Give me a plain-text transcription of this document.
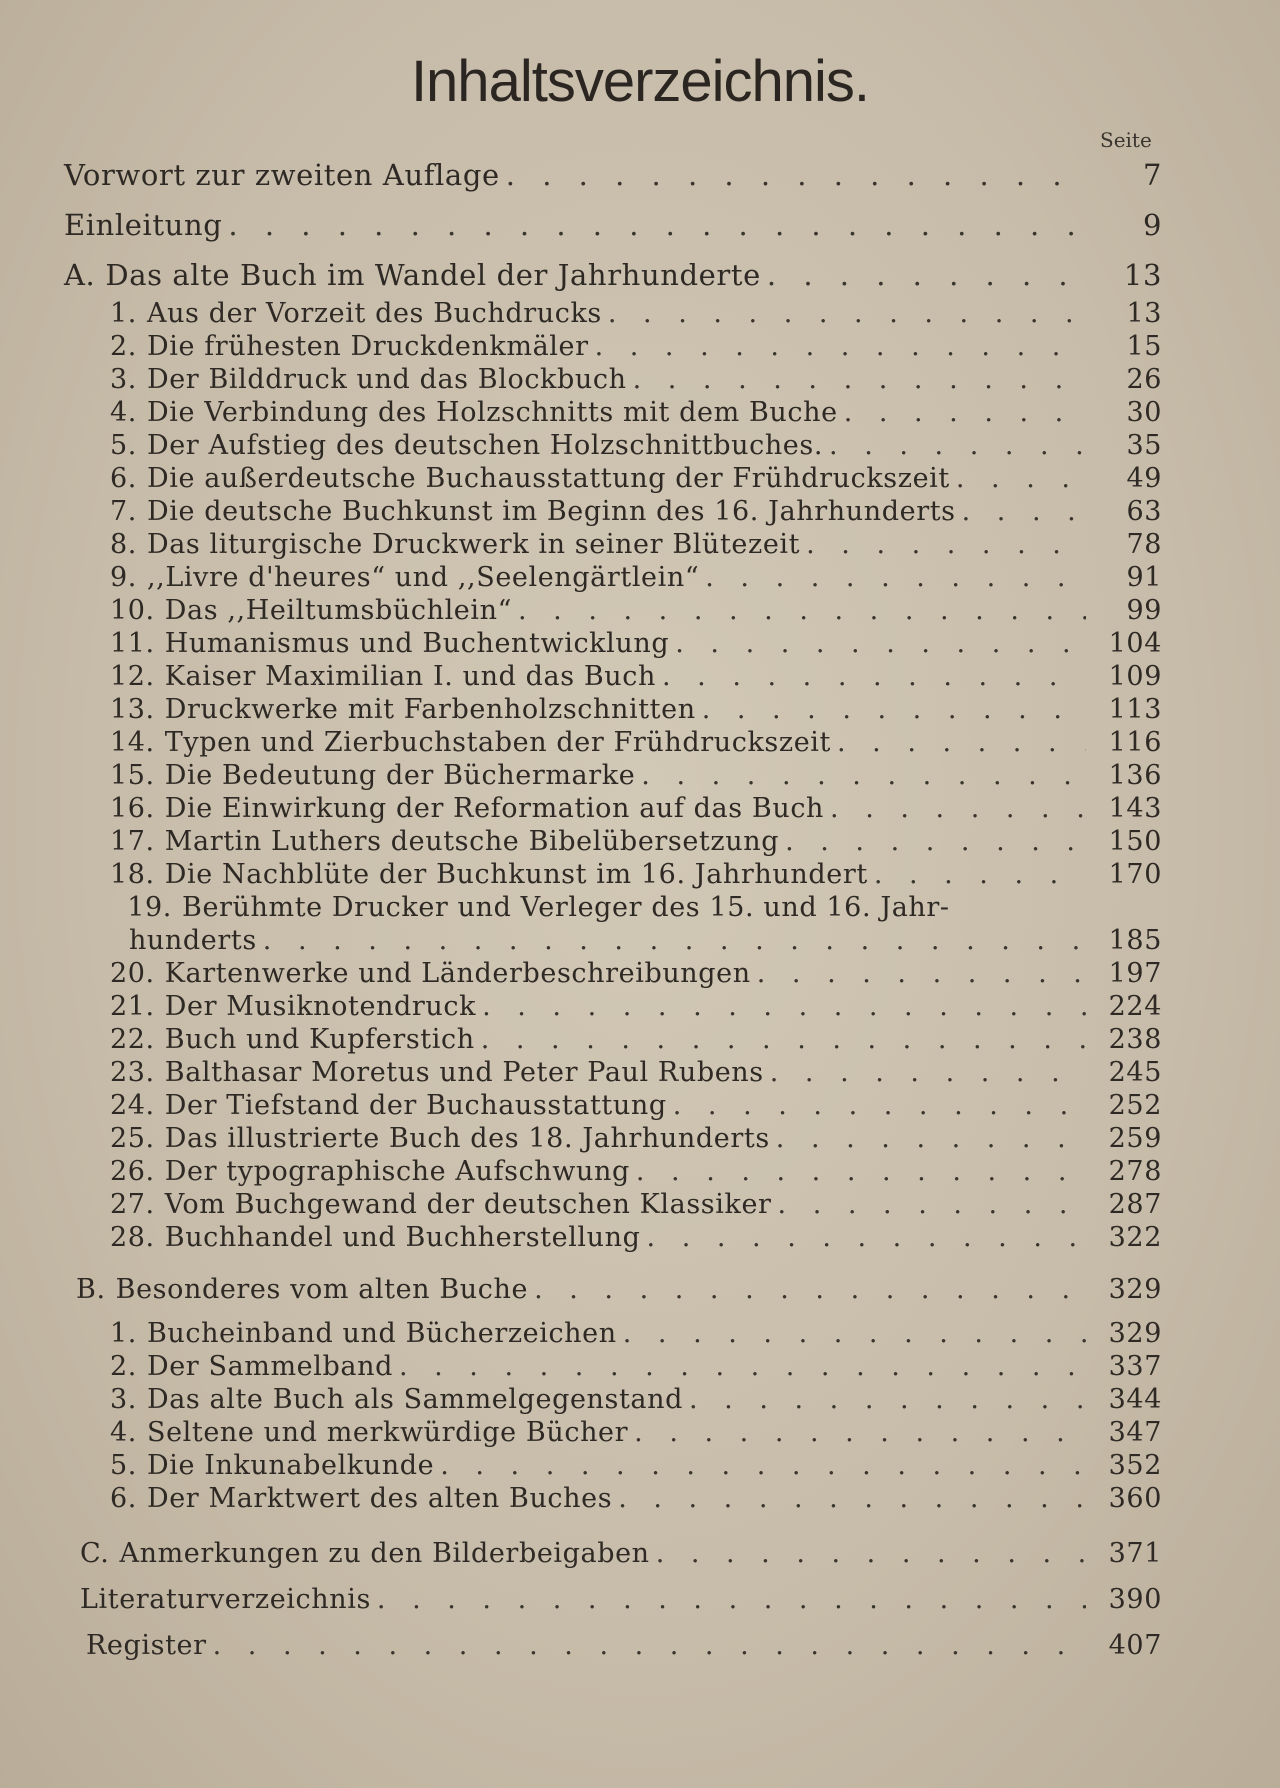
Inhaltsverzeichnis.
Seite
Vorwort zur zweiten Auflage . . .	7
Einleitung . . .	9
A. Das alte Buch im Wandel der Jahrhunderte . . .	13
1. Aus der Vorzeit des Buchdrucks . . .	13
2. Die frühesten Druckdenkmäler . . .	15
3. Der Bilddruck und das Blockbuch . . .	26
4. Die Verbindung des Holzschnitts mit dem Buche . . .	30
5. Der Aufstieg des deutschen Holzschnittbuches. . . .	35
6. Die außerdeutsche Buchausstattung der Frühdruckszeit . . .	49
7. Die deutsche Buchkunst im Beginn des 16. Jahrhunderts . . .	63
8. Das liturgische Druckwerk in seiner Blütezeit . . .	78
9. ,,Livre d'heures“ und ,,Seelengärtlein“ . . .	91
10. Das ,,Heiltumsbüchlein“ . . .	99
11. Humanismus und Buchentwicklung . . .	104
12. Kaiser Maximilian I. und das Buch . . .	109
13. Druckwerke mit Farbenholzschnitten . . .	113
14. Typen und Zierbuchstaben der Frühdruckszeit . . .	116
15. Die Bedeutung der Büchermarke . . .	136
16. Die Einwirkung der Reformation auf das Buch . . .	143
17. Martin Luthers deutsche Bibelübersetzung . . .	150
18. Die Nachblüte der Buchkunst im 16. Jahrhundert . . .	170
19. Berühmte Drucker und Verleger des 15. und 16. Jahr-
hunderts . . .	185
20. Kartenwerke und Länderbeschreibungen . . .	197
21. Der Musiknotendruck . . .	224
22. Buch und Kupferstich . . .	238
23. Balthasar Moretus und Peter Paul Rubens . . .	245
24. Der Tiefstand der Buchausstattung . . .	252
25. Das illustrierte Buch des 18. Jahrhunderts . . .	259
26. Der typographische Aufschwung . . .	278
27. Vom Buchgewand der deutschen Klassiker . . .	287
28. Buchhandel und Buchherstellung . . .	322
B. Besonderes vom alten Buche . . .	329
1. Bucheinband und Bücherzeichen . . .	329
2. Der Sammelband . . .	337
3. Das alte Buch als Sammelgegenstand . . .	344
4. Seltene und merkwürdige Bücher . . .	347
5. Die Inkunabelkunde . . .	352
6. Der Marktwert des alten Buches . . .	360
C. Anmerkungen zu den Bilderbeigaben . . .	371
Literaturverzeichnis . . .	390
Register . . .	407
